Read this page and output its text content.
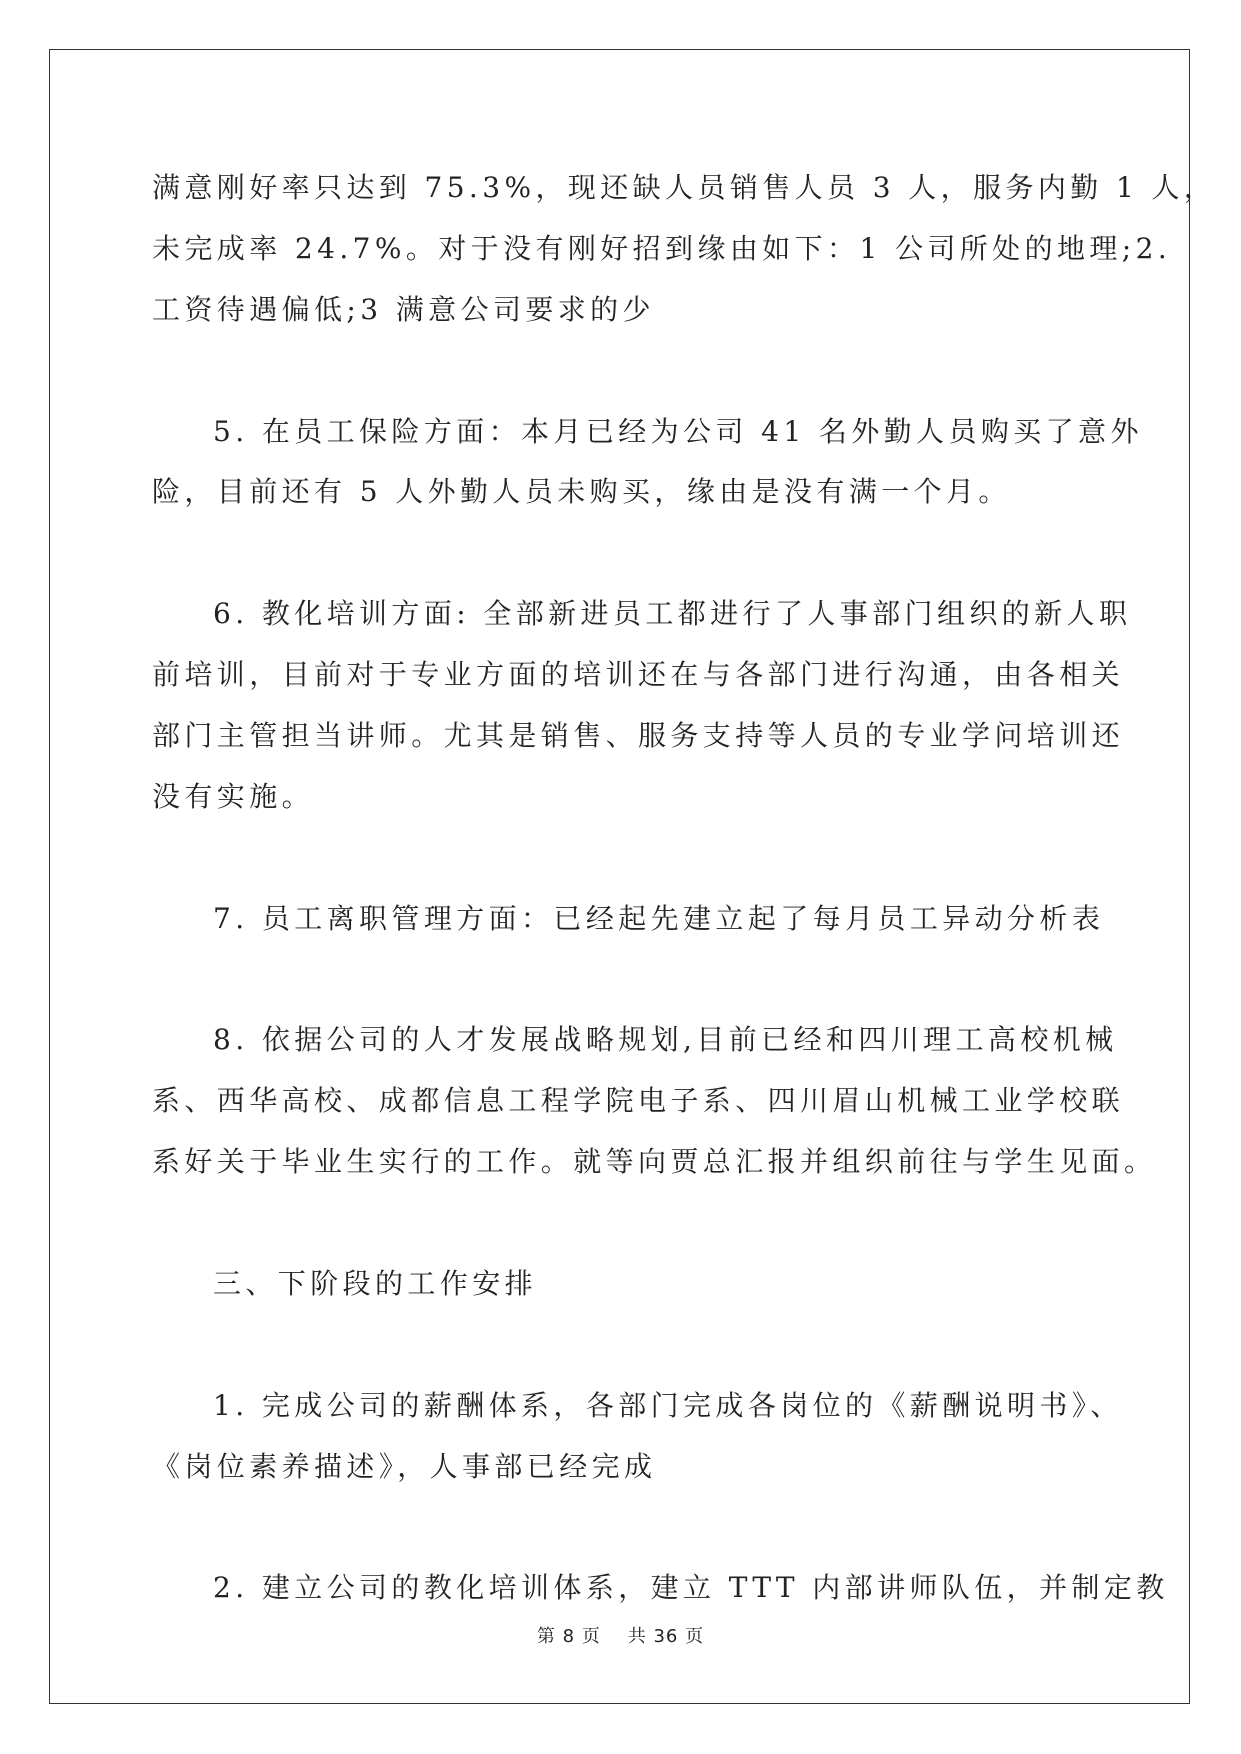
满意刚好率只达到 75.3%，现还缺人员销售人员 3 人，服务内勤 1 人，
未完成率 24.7%。对于没有刚好招到缘由如下：1 公司所处的地理;2.
工资待遇偏低;3 满意公司要求的少
5. 在员工保险方面：本月已经为公司 41 名外勤人员购买了意外
险，目前还有 5 人外勤人员未购买，缘由是没有满一个月。
6. 教化培训方面: 全部新进员工都进行了人事部门组织的新人职
前培训，目前对于专业方面的培训还在与各部门进行沟通，由各相关
部门主管担当讲师。尤其是销售、服务支持等人员的专业学问培训还
没有实施。
7. 员工离职管理方面：已经起先建立起了每月员工异动分析表
8. 依据公司的人才发展战略规划,目前已经和四川理工高校机械
系、西华高校、成都信息工程学院电子系、四川眉山机械工业学校联
系好关于毕业生实行的工作。就等向贾总汇报并组织前往与学生见面。
三、下阶段的工作安排
1. 完成公司的薪酬体系，各部门完成各岗位的《薪酬说明书》、
《岗位素养描述》，人事部已经完成
2. 建立公司的教化培训体系，建立 TTT 内部讲师队伍，并制定教
第 8 页 共 36 页
